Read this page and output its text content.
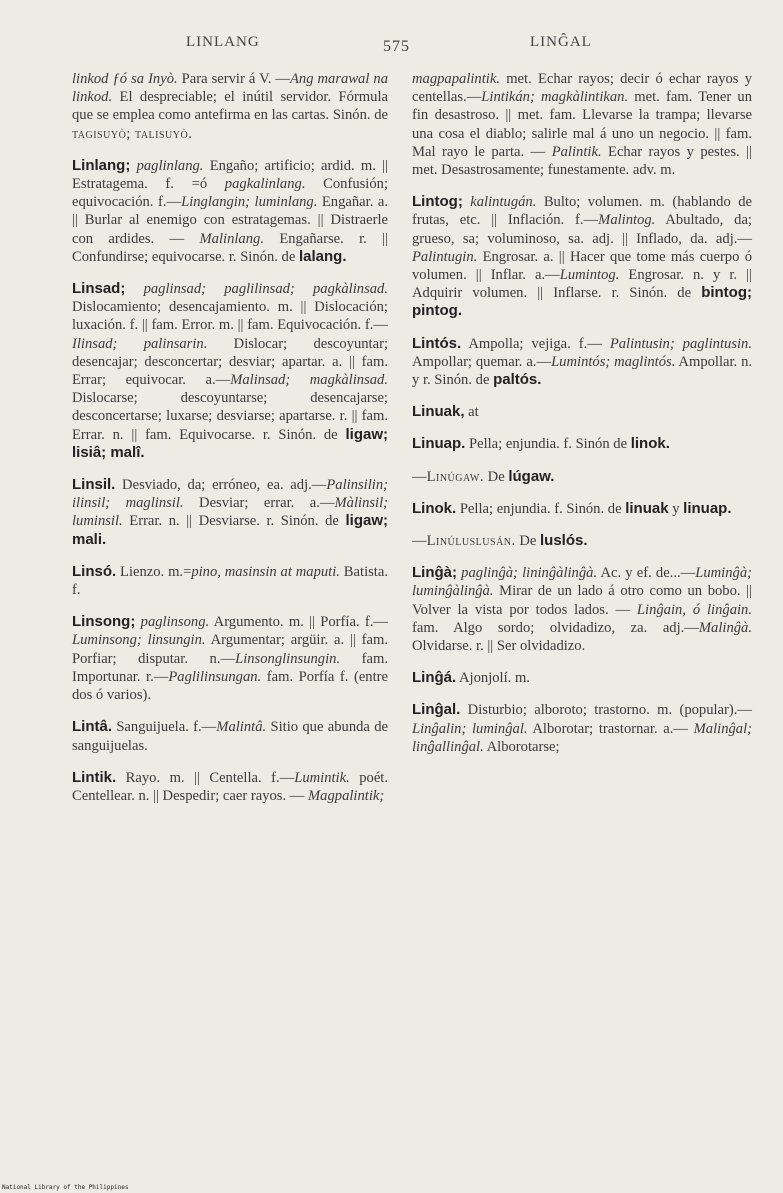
LINLANG	575	LINĜAL

linkod ƒó sa Inyò. Para servir á V. —Ang marawal na linkod. El despreciable; el inútil servidor. Fórmula que se emplea como antefirma en las cartas. Sinón. de tagisuyò; talisuyò.

Linlang; paglinlang. Engaño; artificio; ardid. m. || Estratagema. f. =ó pagkalinlang. Confusión; equivocación. f.—Linglangin; luminlang. Engañar. a. || Burlar al enemigo con estratagemas. || Distraerle con ardides. — Malinlang. Engañarse. r. || Confundirse; equivocarse. r. Sinón. de lalang.

Linsad; paglinsad; paglilinsad; pagkàlinsad. Dislocamiento; desencajamiento. m. || Dislocación; luxación. f. || fam. Error. m. || fam. Equivocación. f.—Ilinsad; palinsarin. Dislocar; descoyuntar; desencajar; desconcertar; desviar; apartar. a. || fam. Errar; equivocar. a.—Malinsad; magkàlinsad. Dislocarse; descoyuntarse; desencajarse; desconcertarse; luxarse; desviarse; apartarse. r. || fam. Errar. n. || fam. Equivocarse. r. Sinón. de ligaw; lisiâ; malî.

Linsil. Desviado, da; erróneo, ea. adj.—Palinsilin; ilinsil; maglinsil. Desviar; errar. a.—Màlinsil; luminsil. Errar. n. || Desviarse. r. Sinón. de ligaw; mali.

Linsó. Lienzo. m.=pino, masinsin at maputi. Batista. f.

Linsong; paglinsong. Argumento. m. || Porfía. f.—Luminsong; linsungin. Argumentar; argüir. a. || fam. Porfiar; disputar. n.—Linsonglinsungin. fam. Importunar. r.—Paglilinsungan. fam. Porfía f. (entre dos ó varios).

Lintâ. Sanguijuela. f.—Malintâ. Sitio que abunda de sanguijuelas.

Lintik. Rayo. m. || Centella. f.—Lumintik. poét. Centellear. n. || Despedir; caer rayos. — Magpalintik;

magpapalintik. met. Echar rayos; decir ó echar rayos y centellas.—Lintikán; magkàlintikan. met. fam. Tener un fin desastroso. || met. fam. Llevarse la trampa; llevarse una cosa el diablo; salirle mal á uno un negocio. || fam. Mal rayo le parta. — Palintik. Echar rayos y pestes. || met. Desastrosamente; funestamente. adv. m.

Lintog; kalintugán. Bulto; volumen. m. (hablando de frutas, etc. || Inflación. f.—Malintog. Abultado, da; grueso, sa; voluminoso, sa. adj. || Inflado, da. adj.—Palintugin. Engrosar. a. || Hacer que tome más cuerpo ó volumen. || Inflar. a.—Lumintog. Engrosar. n. y r. || Adquirir volumen. || Inflarse. r. Sinón. de bintog; pintog.

Lintós. Ampolla; vejiga. f.— Palintusin; paglintusin. Ampollar; quemar. a.—Lumintós; maglintós. Ampollar. n. y r. Sinón. de paltós.

Linuak, at

Linuap. Pella; enjundia. f. Sinón de linok.

—Linúgaw. De lúgaw.

Linok. Pella; enjundia. f. Sinón. de linuak y linuap.

—Linúluslusán. De luslós.

Linĝà; paglinĝà; lininĝàlinĝà. Ac. y ef. de...—Luminĝà; luminĝàlinĝà. Mirar de un lado á otro como un bobo. || Volver la vista por todos lados. — Linĝain, ó linĝain. fam. Algo sordo; olvidadizo, za. adj.—Malinĝà. Olvidarse. r. || Ser olvidadizo.

Linĝá. Ajonjolí. m.

Linĝal. Disturbio; alboroto; trastorno. m. (popular).—Linĝalin; luminĝal. Alborotar; trastornar. a.— Malinĝal; linĝallinĝal. Alborotarse;

National Library of the Philippines
